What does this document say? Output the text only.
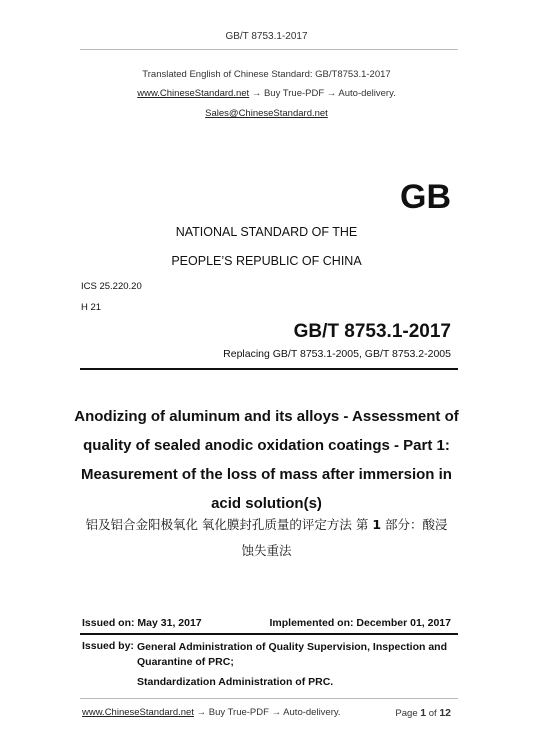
GB/T 8753.1-2017
Translated English of Chinese Standard: GB/T8753.1-2017
www.ChineseStandard.net → Buy True-PDF → Auto-delivery.
Sales@ChineseStandard.net
GB
NATIONAL STANDARD OF THE
PEOPLE’S REPUBLIC OF CHINA
ICS 25.220.20
H 21
GB/T 8753.1-2017
Replacing GB/T 8753.1-2005, GB/T 8753.2-2005
Anodizing of aluminum and its alloys - Assessment of
quality of sealed anodic oxidation coatings - Part 1:
Measurement of the loss of mass after immersion in
acid solution(s)
铝及铝合金阳极氧化 氧化膜封孔质量的评定方法 第 1 部分：酸浸
蚀失重法
Issued on: May 31, 2017	Implemented on: December 01, 2017
Issued by: General Administration of Quality Supervision, Inspection and
Quarantine of PRC;
Standardization Administration of PRC.
www.ChineseStandard.net → Buy True-PDF → Auto-delivery.	Page 1 of 12
